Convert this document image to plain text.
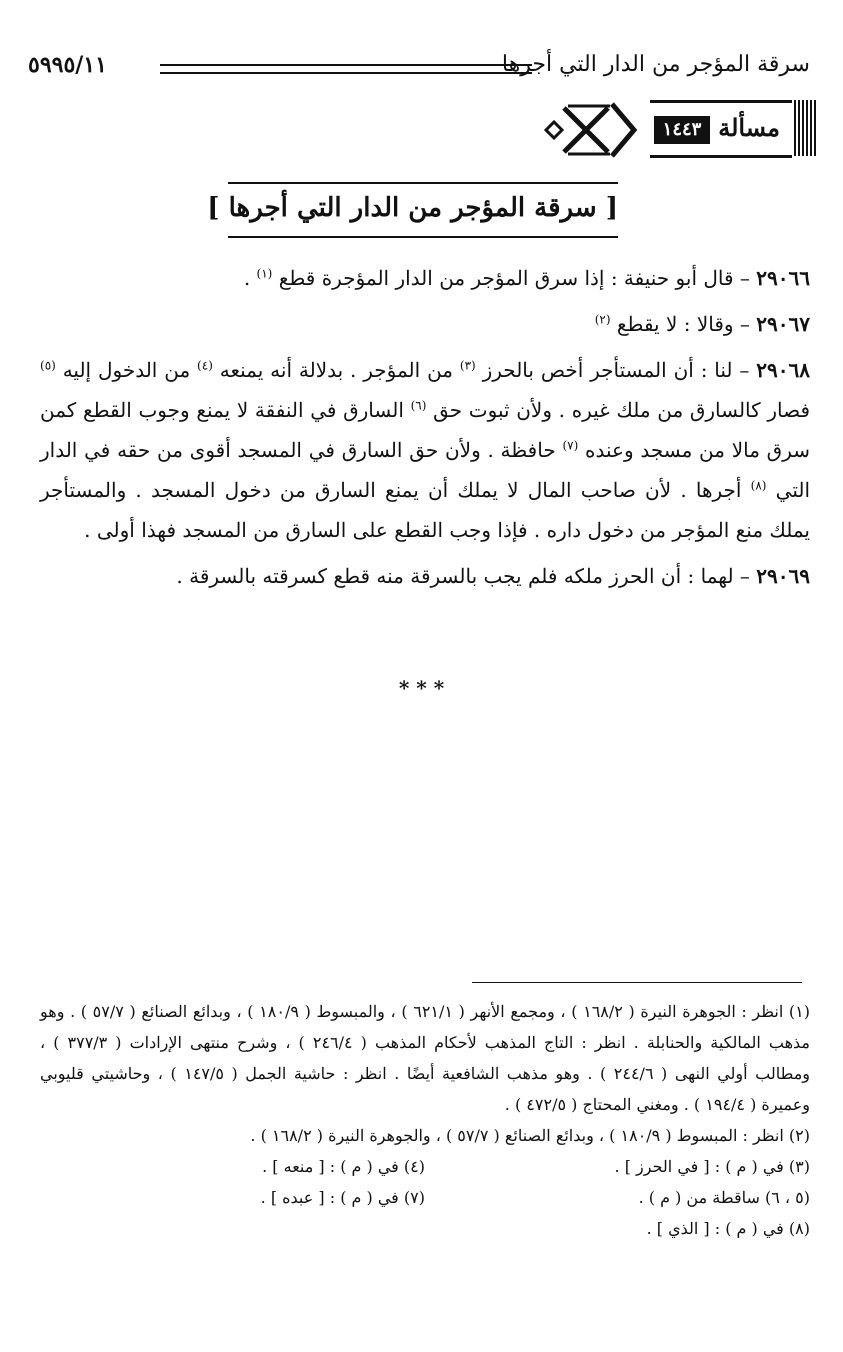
سرقة المؤجر من الدار التي أجرها
٥٩٩٥/١١
مسألة
١٤٤٣
[ سرقة المؤجر من الدار التي أجرها ]

٢٩٠٦٦ – قال أبو حنيفة : إذا سرق المؤجر من الدار المؤجرة قطع $^{(١)}$ .

٢٩٠٦٧ – وقالا : لا يقطع $^{(٢)}$

٢٩٠٦٨ – لنا : أن المستأجر أخص بالحرز $^{(٣)}$ من المؤجر . بدلالة أنه يمنعه $^{(٤)}$ من الدخول إليه $^{(٥)}$ فصار كالسارق من ملك غيره . ولأن ثبوت حق $^{(٦)}$ السارق في النفقة لا يمنع وجوب القطع كمن سرق مالا من مسجد وعنده $^{(٧)}$ حافظة . ولأن حق السارق في المسجد أقوى من حقه في الدار التي $^{(٨)}$ أجرها . لأن صاحب المال لا يملك أن يمنع السارق من دخول المسجد . والمستأجر يملك منع المؤجر من دخول داره . فإذا وجب القطع على السارق من المسجد فهذا أولى .

٢٩٠٦٩ – لهما : أن الحرز ملكه فلم يجب بالسرقة منه قطع كسرقته بالسرقة .

* * *
(١) انظر : الجوهرة النيرة ( ١٦٨/٢ ) ، ومجمع الأنهر ( ٦٢١/١ ) ، والمبسوط ( ١٨٠/٩ ) ، وبدائع الصنائع ( ٥٧/٧ ) . وهو مذهب المالكية والحنابلة . انظر : التاج المذهب لأحكام المذهب ( ٢٤٦/٤ ) ، وشرح منتهى الإرادات ( ٣٧٧/٣ ) ، ومطالب أولي النهى ( ٢٤٤/٦ ) . وهو مذهب الشافعية أيضًا . انظر : حاشية الجمل ( ١٤٧/٥ ) ، وحاشيتي قليوبي وعميرة ( ١٩٤/٤ ) . ومغني المحتاج ( ٤٧٢/٥ ) .
(٢) انظر : المبسوط ( ١٨٠/٩ ) ، وبدائع الصنائع ( ٥٧/٧ ) ، والجوهرة النيرة ( ١٦٨/٢ ) .
(٣) في ( م ) : [ في الحرز ] .
(٤) في ( م ) : [ منعه ] .
(٥ ، ٦) ساقطة من ( م ) .
(٧) في ( م ) : [ عبده ] .
(٨) في ( م ) : [ الذي ] .
